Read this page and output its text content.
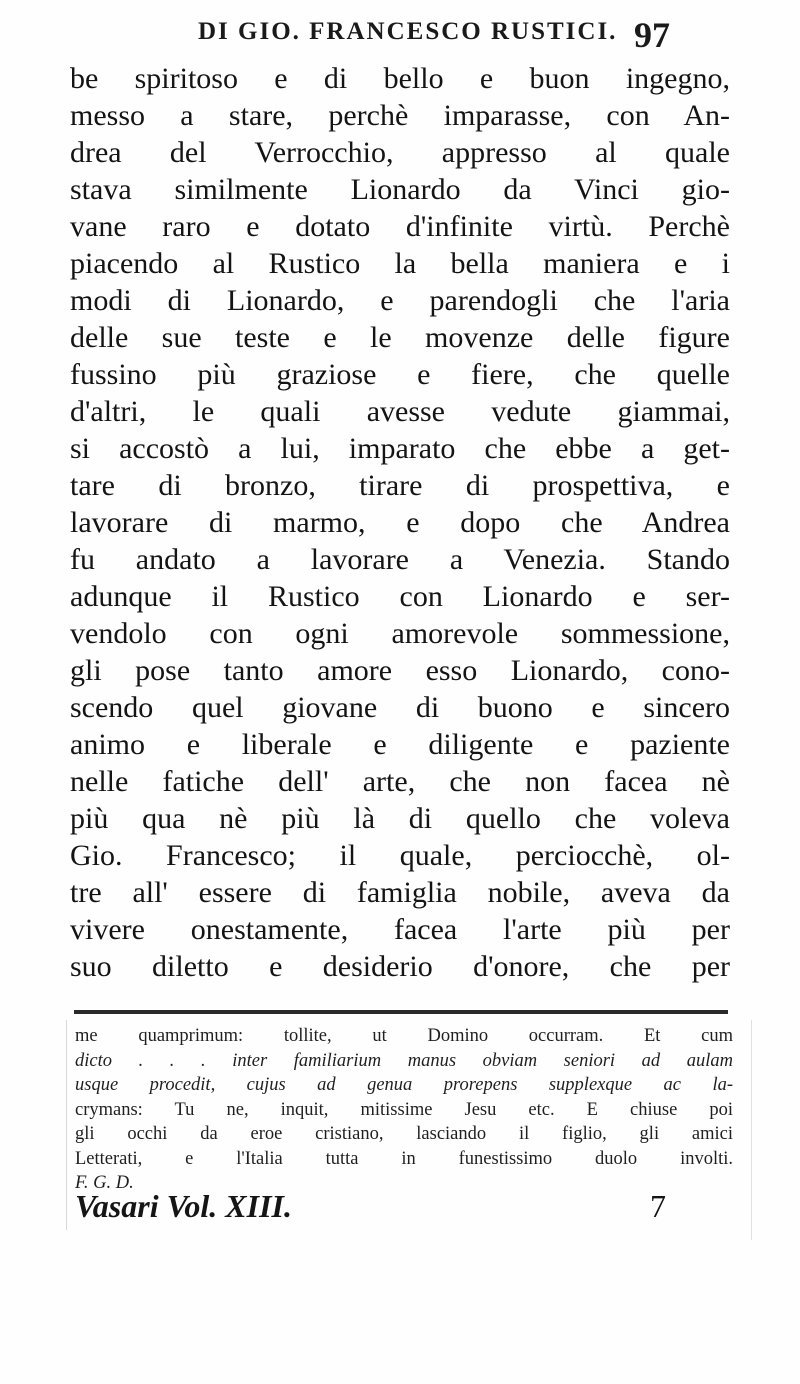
DI GIO. FRANCESCO RUSTICI. 97
be spiritoso e di bello e buon ingegno,
messo a stare, perchè imparasse, con An-
drea del Verrocchio, appresso al quale
stava similmente Lionardo da Vinci gio-
vane raro e dotato d'infinite virtù. Perchè
piacendo al Rustico la bella maniera e i
modi di Lionardo, e parendogli che l'aria
delle sue teste e le movenze delle figure
fussino più graziose e fiere, che quelle
d'altri, le quali avesse vedute giammai,
si accostò a lui, imparato che ebbe a get-
tare di bronzo, tirare di prospettiva, e
lavorare di marmo, e dopo che Andrea
fu andato a lavorare a Venezia. Stando
adunque il Rustico con Lionardo e ser-
vendolo con ogni amorevole sommessione,
gli pose tanto amore esso Lionardo, cono-
scendo quel giovane di buono e sincero
animo e liberale e diligente e paziente
nelle fatiche dell' arte, che non facea nè
più qua nè più là di quello che voleva
Gio. Francesco; il quale, perciocchè, ol-
tre all' essere di famiglia nobile, aveva da
vivere onestamente, facea l'arte più per
suo diletto e desiderio d'onore, che per
me quamprimum: tollite, ut Domino occurram. Et cum
dicto . . . inter familiarium manus obviam seniori ad aulam
usque procedit, cujus ad genua prorepens supplexque ac la-
crymans: Tu ne, inquit, mitissime Jesu etc. E chiuse poi
gli occhi da eroe cristiano, lasciando il figlio, gli amici
Letterati, e l'Italia tutta in funestissimo duolo involti.
F. G. D.
Vasari Vol. XIII.	7
